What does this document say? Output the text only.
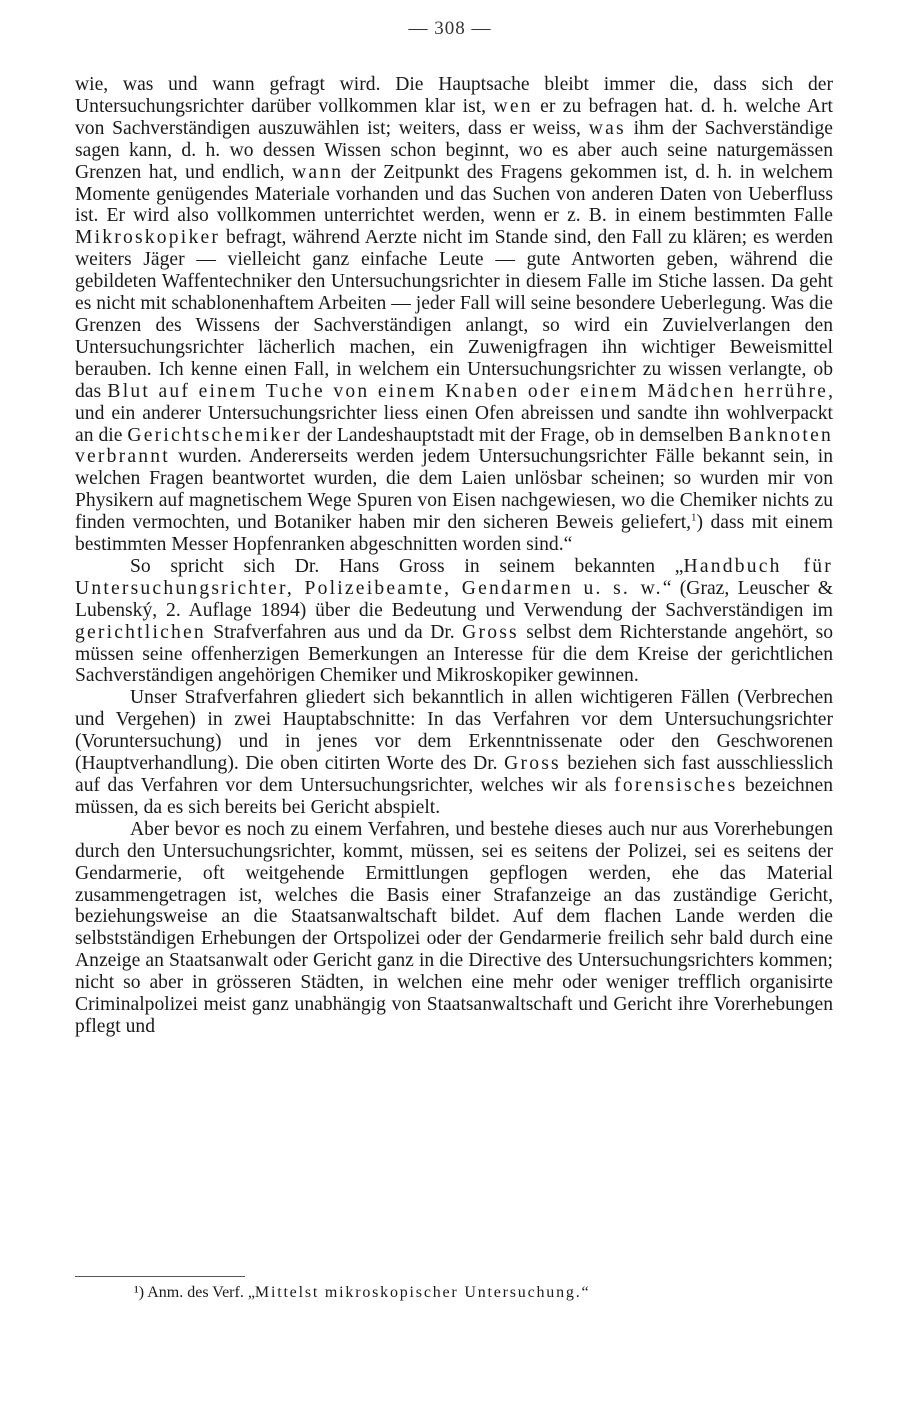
— 308 —

wie, was und wann gefragt wird. Die Hauptsache bleibt immer die, dass sich der Untersuchungsrichter darüber vollkommen klar ist, wen er zu befragen hat. d. h. welche Art von Sachverständigen auszuwählen ist; weiters, dass er weiss, was ihm der Sachverständige sagen kann, d. h. wo dessen Wissen schon beginnt, wo es aber auch seine naturgemässen Grenzen hat, und endlich, wann der Zeitpunkt des Fragens gekommen ist, d. h. in welchem Momente genügendes Materiale vorhanden und das Suchen von anderen Daten von Ueberfluss ist. Er wird also vollkommen unterrichtet werden, wenn er z. B. in einem bestimmten Falle Mikroskopiker befragt, während Aerzte nicht im Stande sind, den Fall zu klären; es werden weiters Jäger — vielleicht ganz einfache Leute — gute Antworten geben, während die gebildeten Waffentechniker den Untersuchungsrichter in diesem Falle im Stiche lassen. Da geht es nicht mit schablonenhaftem Arbeiten — jeder Fall will seine besondere Ueberlegung. Was die Grenzen des Wissens der Sachverständigen anlangt, so wird ein Zuvielverlangen den Untersuchungsrichter lächerlich machen, ein Zuwenigfragen ihn wichtiger Beweismittel berauben. Ich kenne einen Fall, in welchem ein Untersuchungsrichter zu wissen verlangte, ob das Blut auf einem Tuche von einem Knaben oder einem Mädchen herrühre, und ein anderer Untersuchungsrichter liess einen Ofen abreissen und sandte ihn wohlverpackt an die Gerichtschemiker der Landeshauptstadt mit der Frage, ob in demselben Banknoten verbrannt wurden. Andererseits werden jedem Untersuchungsrichter Fälle bekannt sein, in welchen Fragen beantwortet wurden, die dem Laien unlösbar scheinen; so wurden mir von Physikern auf magnetischem Wege Spuren von Eisen nachgewiesen, wo die Chemiker nichts zu finden vermochten, und Botaniker haben mir den sicheren Beweis geliefert,$^1$) dass mit einem bestimmten Messer Hopfenranken abgeschnitten worden sind.“

So spricht sich Dr. Hans Gross in seinem bekannten „Handbuch für Untersuchungsrichter, Polizeibeamte, Gendarmen u. s. w.“ (Graz, Leuscher & Lubenský, 2. Auflage 1894) über die Bedeutung und Verwendung der Sachverständigen im gerichtlichen Strafverfahren aus und da Dr. Gross selbst dem Richterstande angehört, so müssen seine offenherzigen Bemerkungen an Interesse für die dem Kreise der gerichtlichen Sachverständigen angehörigen Chemiker und Mikroskopiker gewinnen.

Unser Strafverfahren gliedert sich bekanntlich in allen wichtigeren Fällen (Verbrechen und Vergehen) in zwei Hauptabschnitte: In das Verfahren vor dem Untersuchungsrichter (Voruntersuchung) und in jenes vor dem Erkenntnissenate oder den Geschworenen (Hauptverhandlung). Die oben citirten Worte des Dr. Gross beziehen sich fast ausschliesslich auf das Verfahren vor dem Untersuchungsrichter, welches wir als forensisches bezeichnen müssen, da es sich bereits bei Gericht abspielt.

Aber bevor es noch zu einem Verfahren, und bestehe dieses auch nur aus Vorerhebungen durch den Untersuchungsrichter, kommt, müssen, sei es seitens der Polizei, sei es seitens der Gendarmerie, oft weitgehende Ermittlungen gepflogen werden, ehe das Material zusammengetragen ist, welches die Basis einer Strafanzeige an das zuständige Gericht, beziehungsweise an die Staatsanwaltschaft bildet. Auf dem flachen Lande werden die selbstständigen Erhebungen der Ortspolizei oder der Gendarmerie freilich sehr bald durch eine Anzeige an Staatsanwalt oder Gericht ganz in die Directive des Untersuchungsrichters kommen; nicht so aber in grösseren Städten, in welchen eine mehr oder weniger trefflich organisirte Criminalpolizei meist ganz unabhängig von Staatsanwaltschaft und Gericht ihre Vorerhebungen pflegt und

¹) Anm. des Verf. „Mittelst mikroskopischer Untersuchung.“
